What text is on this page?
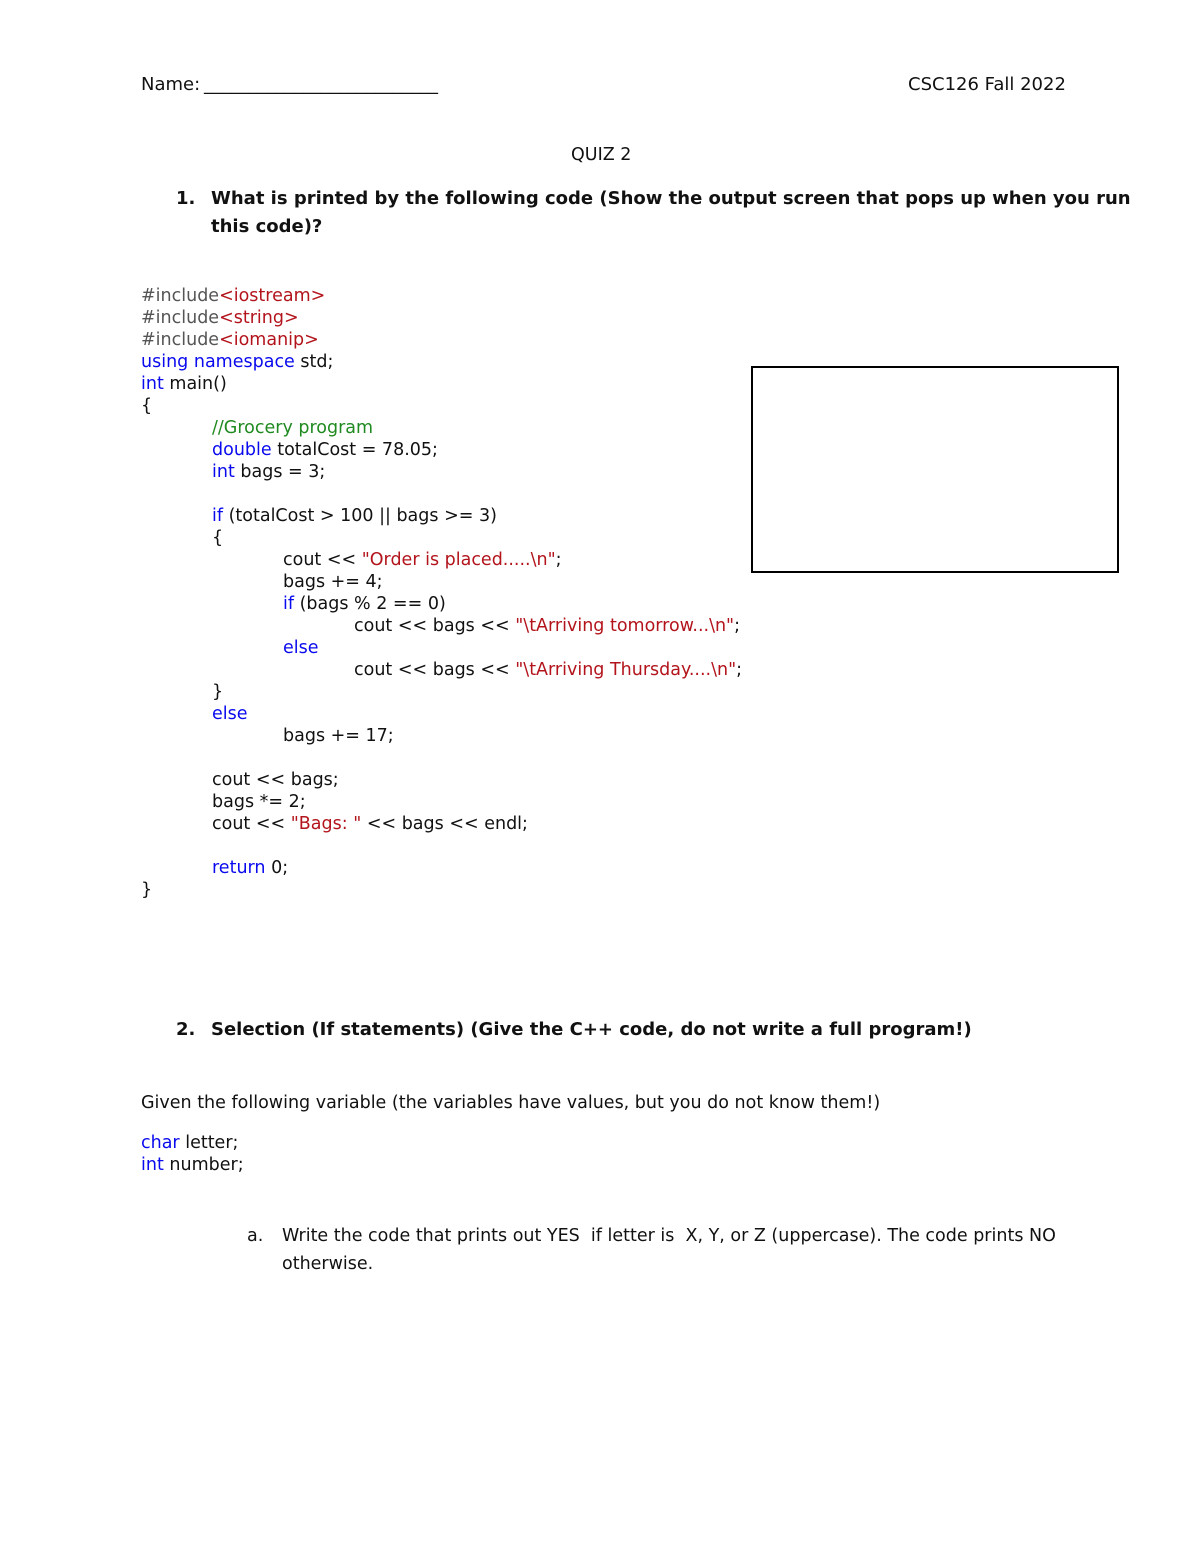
Name: __________________________	CSC126 Fall 2022
QUIZ 2
1. What is printed by the following code (Show the output screen that pops up when you run
this code)?
#include<iostream>
#include<string>
#include<iomanip>
using namespace std;
int main()
{
//Grocery program
double totalCost = 78.05;
int bags = 3;
if (totalCost > 100 || bags >= 3)
{
cout << "Order is placed.....\n";
bags += 4;
if (bags % 2 == 0)
cout << bags << "\tArriving tomorrow...\n";
else
cout << bags << "\tArriving Thursday....\n";
}
else
bags += 17;
cout << bags;
bags *= 2;
cout << "Bags: " << bags << endl;
return 0;
}
2. Selection (If statements) (Give the C++ code, do not write a full program!)
Given the following variable (the variables have values, but you do not know them!)
char letter;
int number;
a. Write the code that prints out YES  if letter is  X, Y, or Z (uppercase). The code prints NO
otherwise.
